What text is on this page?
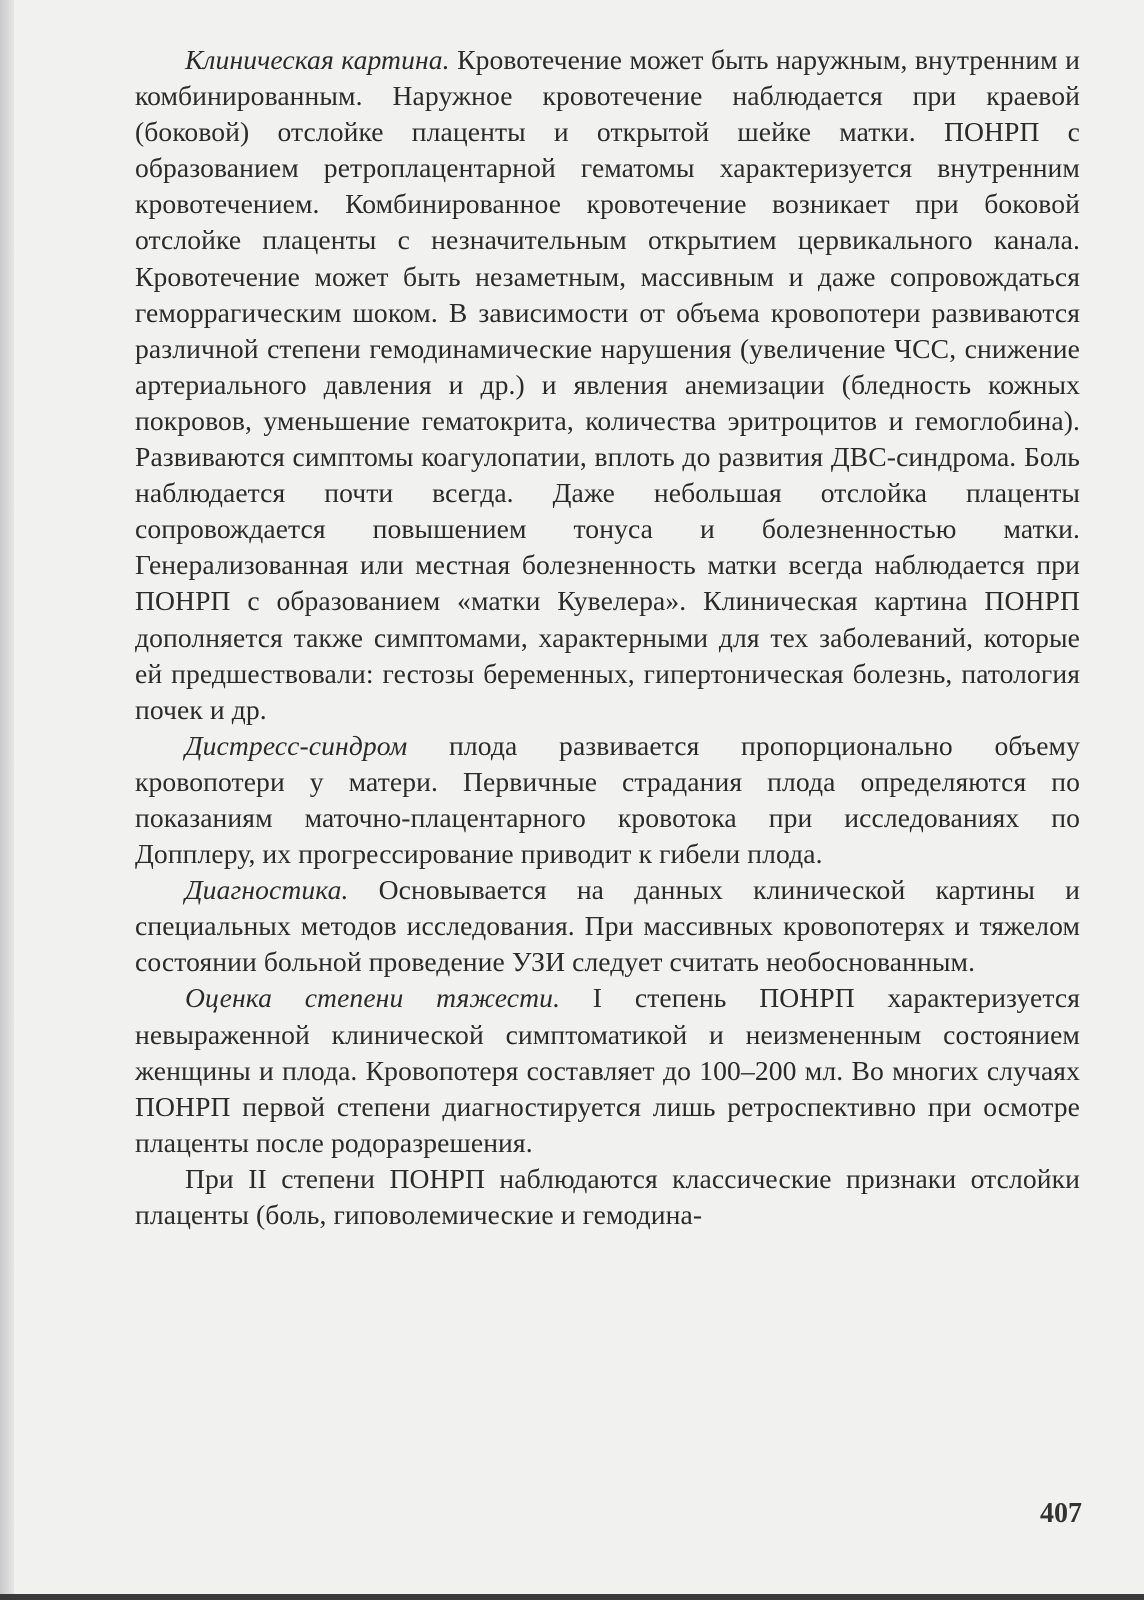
Клиническая картина. Кровотечение может быть наружным, внутренним и комбинированным. Наружное кровотечение наблюдается при краевой (боковой) отслойке плаценты и открытой шейке матки. ПОНРП с образованием ретроплацентарной гематомы характеризуется внутренним кровотечением. Комбинированное кровотечение возникает при боковой отслойке плаценты с незначительным открытием цервикального канала. Кровотечение может быть незаметным, массивным и даже сопровождаться геморрагическим шоком. В зависимости от объема кровопотери развиваются различной степени гемодинамические нарушения (увеличение ЧСС, снижение артериального давления и др.) и явления анемизации (бледность кожных покровов, уменьшение гематокрита, количества эритроцитов и гемоглобина). Развиваются симптомы коагулопатии, вплоть до развития ДВС-синдрома. Боль наблюдается почти всегда. Даже небольшая отслойка плаценты сопровождается повышением тонуса и болезненностью матки. Генерализованная или местная болезненность матки всегда наблюдается при ПОНРП с образованием «матки Кувелера». Клиническая картина ПОНРП дополняется также симптомами, характерными для тех заболеваний, которые ей предшествовали: гестозы беременных, гипертоническая болезнь, патология почек и др.

Дистресс-синдром плода развивается пропорционально объему кровопотери у матери. Первичные страдания плода определяются по показаниям маточно-плацентарного кровотока при исследованиях по Допплеру, их прогрессирование приводит к гибели плода.

Диагностика. Основывается на данных клинической картины и специальных методов исследования. При массивных кровопотерях и тяжелом состоянии больной проведение УЗИ следует считать необоснованным.

Оценка степени тяжести. I степень ПОНРП характеризуется невыраженной клинической симптоматикой и неизмененным состоянием женщины и плода. Кровопотеря составляет до 100–200 мл. Во многих случаях ПОНРП первой степени диагностируется лишь ретроспективно при осмотре плаценты после родоразрешения.

При II степени ПОНРП наблюдаются классические признаки отслойки плаценты (боль, гиповолемические и гемодина-

407
